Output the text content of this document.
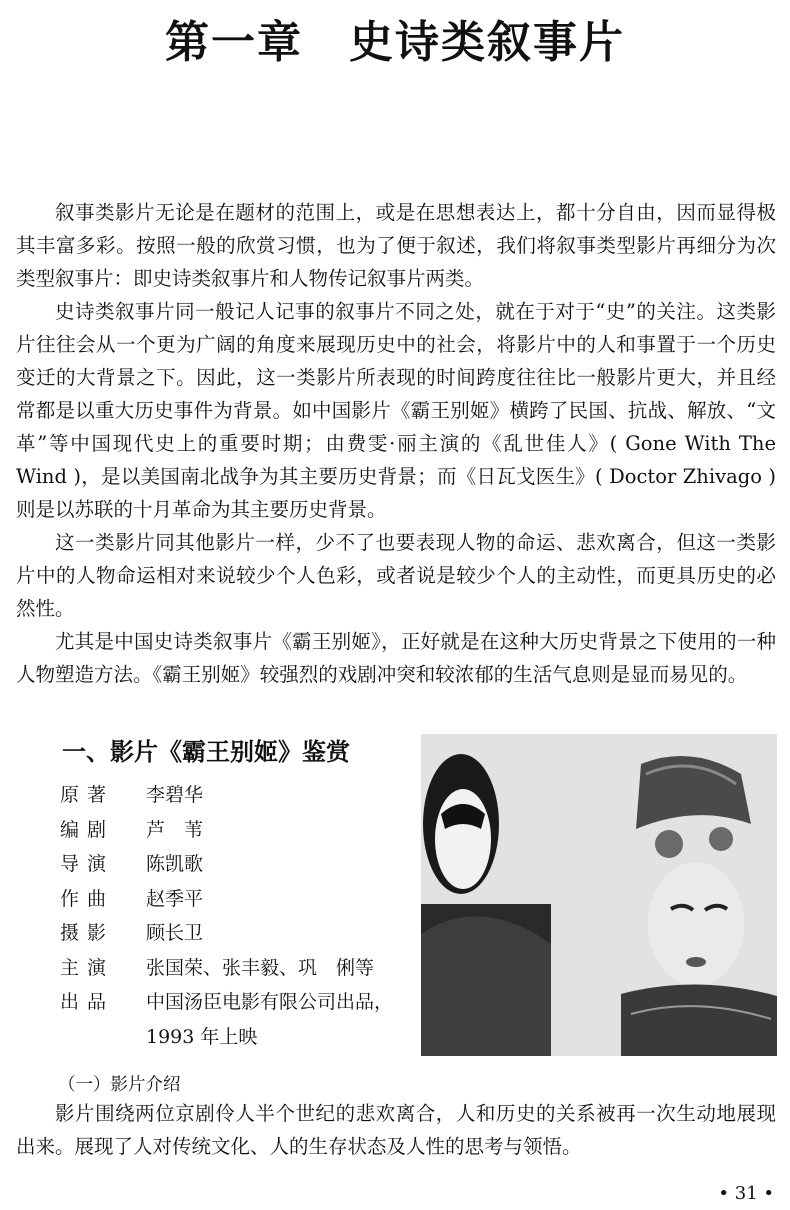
第一章　史诗类叙事片

叙事类影片无论是在题材的范围上，或是在思想表达上，都十分自由，因而显得极其丰富多彩。按照一般的欣赏习惯，也为了便于叙述，我们将叙事类型影片再细分为次类型叙事片：即史诗类叙事片和人物传记叙事片两类。

史诗类叙事片同一般记人记事的叙事片不同之处，就在于对于“史”的关注。这类影片往往会从一个更为广阔的角度来展现历史中的社会，将影片中的人和事置于一个历史变迁的大背景之下。因此，这一类影片所表现的时间跨度往往比一般影片更大，并且经常都是以重大历史事件为背景。如中国影片《霸王别姬》横跨了民国、抗战、解放、“文革”等中国现代史上的重要时期；由费雯·丽主演的《乱世佳人》( Gone With The Wind )，是以美国南北战争为其主要历史背景；而《日瓦戈医生》( Doctor Zhivago ) 则是以苏联的十月革命为其主要历史背景。

这一类影片同其他影片一样，少不了也要表现人物的命运、悲欢离合，但这一类影片中的人物命运相对来说较少个人色彩，或者说是较少个人的主动性，而更具历史的必然性。

尤其是中国史诗类叙事片《霸王别姬》，正好就是在这种大历史背景之下使用的一种人物塑造方法。《霸王别姬》较强烈的戏剧冲突和较浓郁的生活气息则是显而易见的。

一、影片《霸王别姬》鉴赏
原著	李碧华
编剧	芦　苇
导演	陈凯歌
作曲	赵季平
摄影	顾长卫
主演	张国荣、张丰毅、巩　俐等
出品	中国汤臣电影有限公司出品，
1993 年上映
（一）影片介绍

影片围绕两位京剧伶人半个世纪的悲欢离合，人和历史的关系被再一次生动地展现出来。展现了人对传统文化、人的生存状态及人性的思考与领悟。

• 31 •
